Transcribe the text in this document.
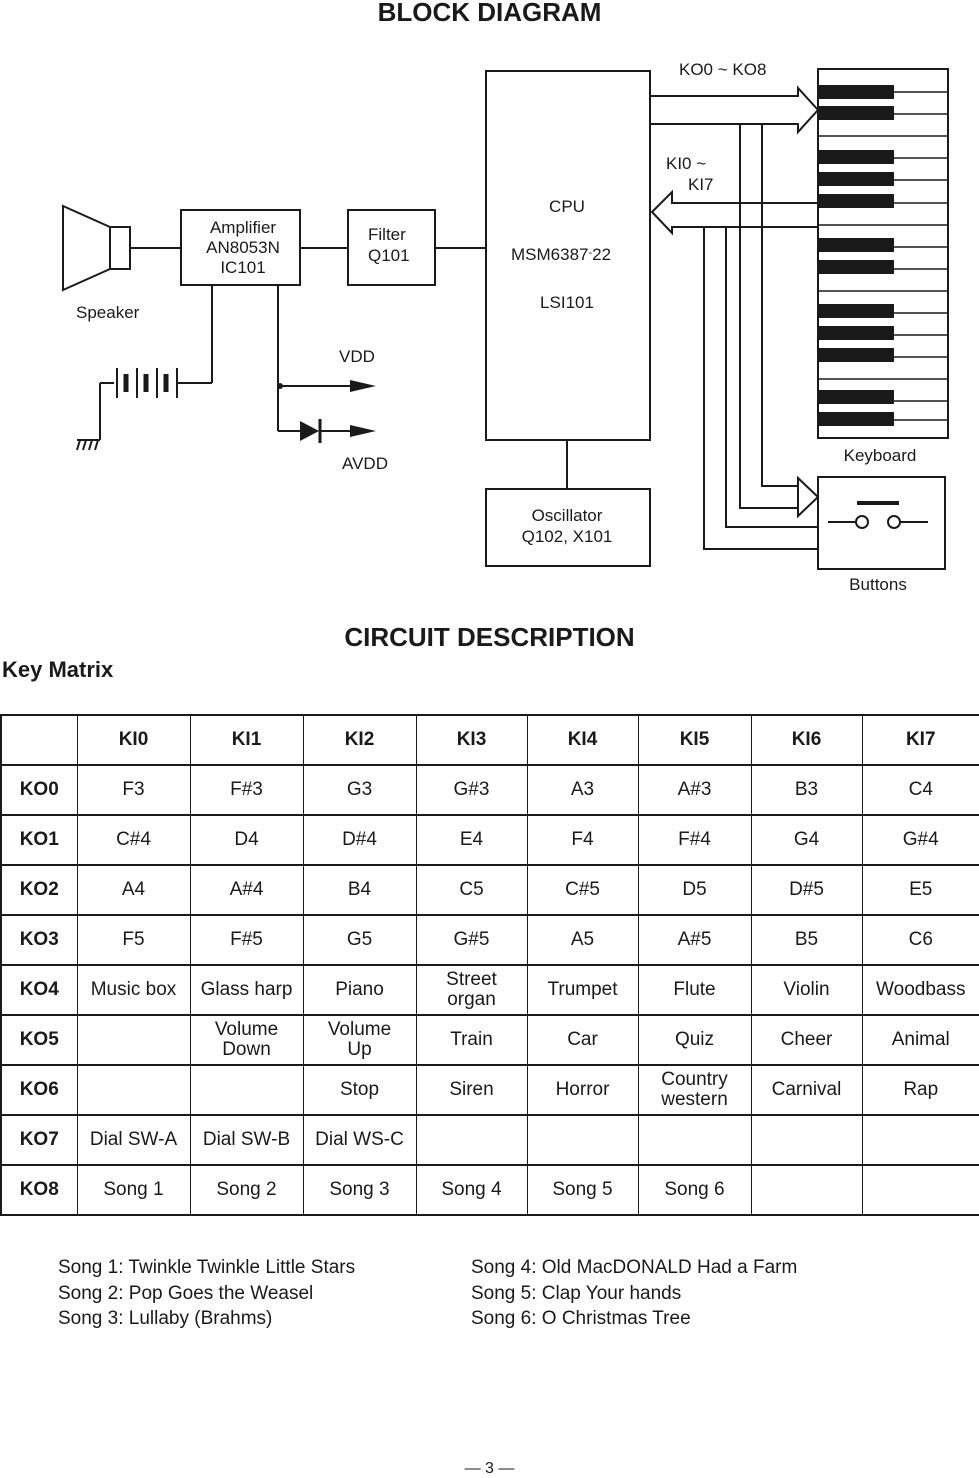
BLOCK DIAGRAM
Speaker
Amplifier
AN8053N
IC101
Filter
Q101
CPU
MSM6387-22
LSI101
Oscillator
Q102, X101
VDD
AVDD
KO0 ~ KO8
KI0 ~
KI7
Keyboard
Buttons
CIRCUIT DESCRIPTION
Key Matrix
	KI0	KI1	KI2	KI3	KI4	KI5	KI6	KI7
KO0	F3	F#3	G3	G#3	A3	A#3	B3	C4
KO1	C#4	D4	D#4	E4	F4	F#4	G4	G#4
KO2	A4	A#4	B4	C5	C#5	D5	D#5	E5
KO3	F5	F#5	G5	G#5	A5	A#5	B5	C6
KO4	Music box	Glass harp	Piano	Street
organ	Trumpet	Flute	Violin	Woodbass
KO5		Volume
Down	Volume
Up	Train	Car	Quiz	Cheer	Animal
KO6			Stop	Siren	Horror	Country
western	Carnival	Rap
KO7	Dial SW-A	Dial SW-B	Dial WS-C					
KO8	Song 1	Song 2	Song 3	Song 4	Song 5	Song 6		
Song 1: Twinkle Twinkle Little Stars
Song 2: Pop Goes the Weasel
Song 3: Lullaby (Brahms)
Song 4: Old MacDONALD Had a Farm
Song 5: Clap Your hands
Song 6: O Christmas Tree
— 3 —
